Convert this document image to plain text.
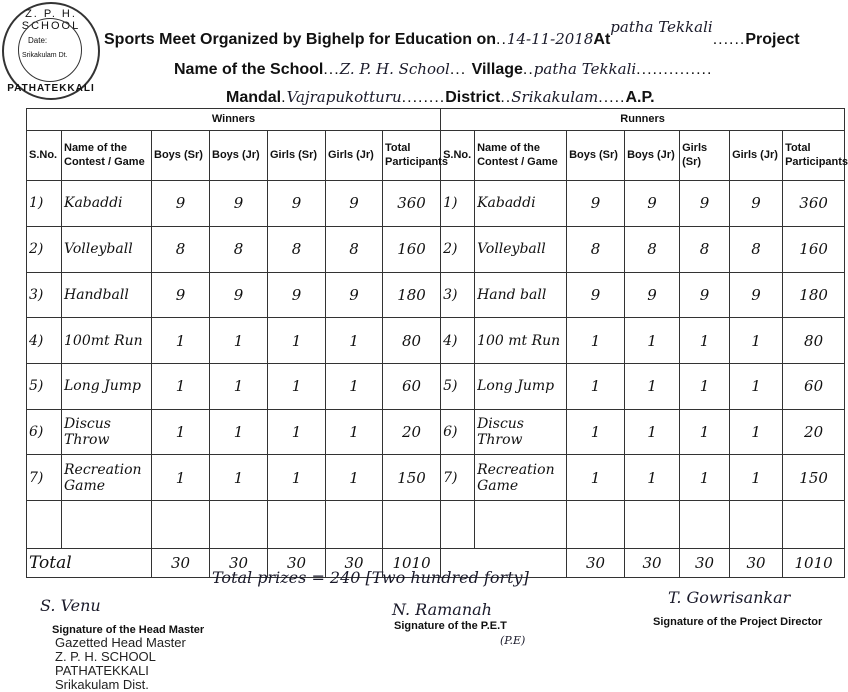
Z. P. H. SCHOOL
Date:
Srikakulam Dt.
PATHATEKKALI
Sports Meet Organized by Bighelp for Education on..14-11-2018Atpatha Tekkali......Project
Name of the School...Z. P. H. School... Village..patha Tekkali..............
Mandal.Vajrapukotturu........District..Srikakulam.....A.P.
Winners							Runners						
S.No.	Name of the Contest / Game	Boys (Sr)	Boys (Jr)	Girls (Sr)	Girls (Jr)	Total Participants	S.No.	Name of the Contest / Game	Boys (Sr)	Boys (Jr)	Girls (Sr)	Girls (Jr)	Total Participants
1)	Kabaddi	9	9	9	9	360	1)	Kabaddi	9	9	9	9	360
2)	Volleyball	8	8	8	8	160	2)	Volleyball	8	8	8	8	160
3)	Handball	9	9	9	9	180	3)	Hand ball	9	9	9	9	180
4)	100mt Run	1	1	1	1	80	4)	100 mt Run	1	1	1	1	80
5)	Long Jump	1	1	1	1	60	5)	Long Jump	1	1	1	1	60
6)	Discus Throw	1	1	1	1	20	6)	Discus Throw	1	1	1	1	20
7)	Recreation Game	1	1	1	1	150	7)	Recreation Game	1	1	1	1	150

Total		30	30	30	30	1010			30	30	30	30	1010
Total prizes = 240 [Two hundred forty]
S. Venu
Signature of the Head Master
Gazetted Head Master
Z. P. H. SCHOOL
PATHATEKKALI
Srikakulam Dist.
N. Ramanah
Signature of the P.E.T
(P.E)
T. Gowrisankar
Signature of the Project Director
